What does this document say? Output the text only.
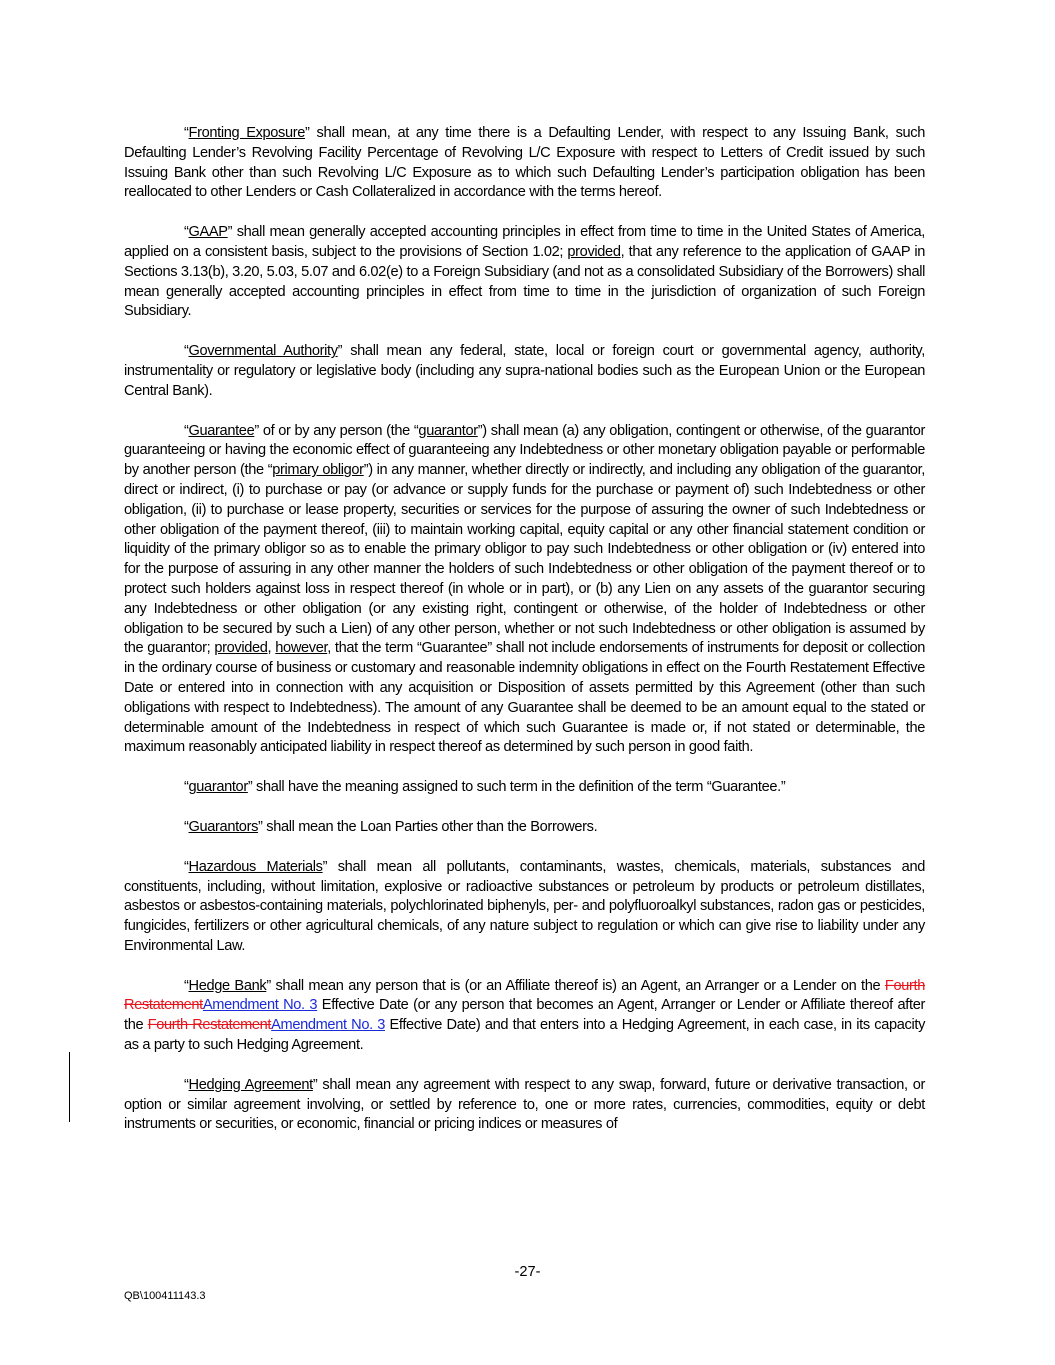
“Fronting Exposure” shall mean, at any time there is a Defaulting Lender, with respect to any Issuing Bank, such Defaulting Lender’s Revolving Facility Percentage of Revolving L/C Exposure with respect to Letters of Credit issued by such Issuing Bank other than such Revolving L/C Exposure as to which such Defaulting Lender’s participation obligation has been reallocated to other Lenders or Cash Collateralized in accordance with the terms hereof.

“GAAP” shall mean generally accepted accounting principles in effect from time to time in the United States of America, applied on a consistent basis, subject to the provisions of Section 1.02; provided, that any reference to the application of GAAP in Sections 3.13(b), 3.20, 5.03, 5.07 and 6.02(e) to a Foreign Subsidiary (and not as a consolidated Subsidiary of the Borrowers) shall mean generally accepted accounting principles in effect from time to time in the jurisdiction of organization of such Foreign Subsidiary.

“Governmental Authority” shall mean any federal, state, local or foreign court or governmental agency, authority, instrumentality or regulatory or legislative body (including any supra-national bodies such as the European Union or the European Central Bank).

“Guarantee” of or by any person (the “guarantor”) shall mean (a) any obligation, contingent or otherwise, of the guarantor guaranteeing or having the economic effect of guaranteeing any Indebtedness or other monetary obligation payable or performable by another person (the “primary obligor”) in any manner, whether directly or indirectly, and including any obligation of the guarantor, direct or indirect, (i) to purchase or pay (or advance or supply funds for the purchase or payment of) such Indebtedness or other obligation, (ii) to purchase or lease property, securities or services for the purpose of assuring the owner of such Indebtedness or other obligation of the payment thereof, (iii) to maintain working capital, equity capital or any other financial statement condition or liquidity of the primary obligor so as to enable the primary obligor to pay such Indebtedness or other obligation or (iv) entered into for the purpose of assuring in any other manner the holders of such Indebtedness or other obligation of the payment thereof or to protect such holders against loss in respect thereof (in whole or in part), or (b) any Lien on any assets of the guarantor securing any Indebtedness or other obligation (or any existing right, contingent or otherwise, of the holder of Indebtedness or other obligation to be secured by such a Lien) of any other person, whether or not such Indebtedness or other obligation is assumed by the guarantor; provided, however, that the term “Guarantee” shall not include endorsements of instruments for deposit or collection in the ordinary course of business or customary and reasonable indemnity obligations in effect on the Fourth Restatement Effective Date or entered into in connection with any acquisition or Disposition of assets permitted by this Agreement (other than such obligations with respect to Indebtedness). The amount of any Guarantee shall be deemed to be an amount equal to the stated or determinable amount of the Indebtedness in respect of which such Guarantee is made or, if not stated or determinable, the maximum reasonably anticipated liability in respect thereof as determined by such person in good faith.

“guarantor” shall have the meaning assigned to such term in the definition of the term “Guarantee.”

“Guarantors” shall mean the Loan Parties other than the Borrowers.

“Hazardous Materials” shall mean all pollutants, contaminants, wastes, chemicals, materials, substances and constituents, including, without limitation, explosive or radioactive substances or petroleum by products or petroleum distillates, asbestos or asbestos-containing materials, polychlorinated biphenyls, per- and polyfluoroalkyl substances, radon gas or pesticides, fungicides, fertilizers or other agricultural chemicals, of any nature subject to regulation or which can give rise to liability under any Environmental Law.

“Hedge Bank” shall mean any person that is (or an Affiliate thereof is) an Agent, an Arranger or a Lender on the Fourth RestatementAmendment No. 3 Effective Date (or any person that becomes an Agent, Arranger or Lender or Affiliate thereof after the Fourth RestatementAmendment No. 3 Effective Date) and that enters into a Hedging Agreement, in each case, in its capacity as a party to such Hedging Agreement.

“Hedging Agreement” shall mean any agreement with respect to any swap, forward, future or derivative transaction, or option or similar agreement involving, or settled by reference to, one or more rates, currencies, commodities, equity or debt instruments or securities, or economic, financial or pricing indices or measures of

-27-
QB\100411143.3
